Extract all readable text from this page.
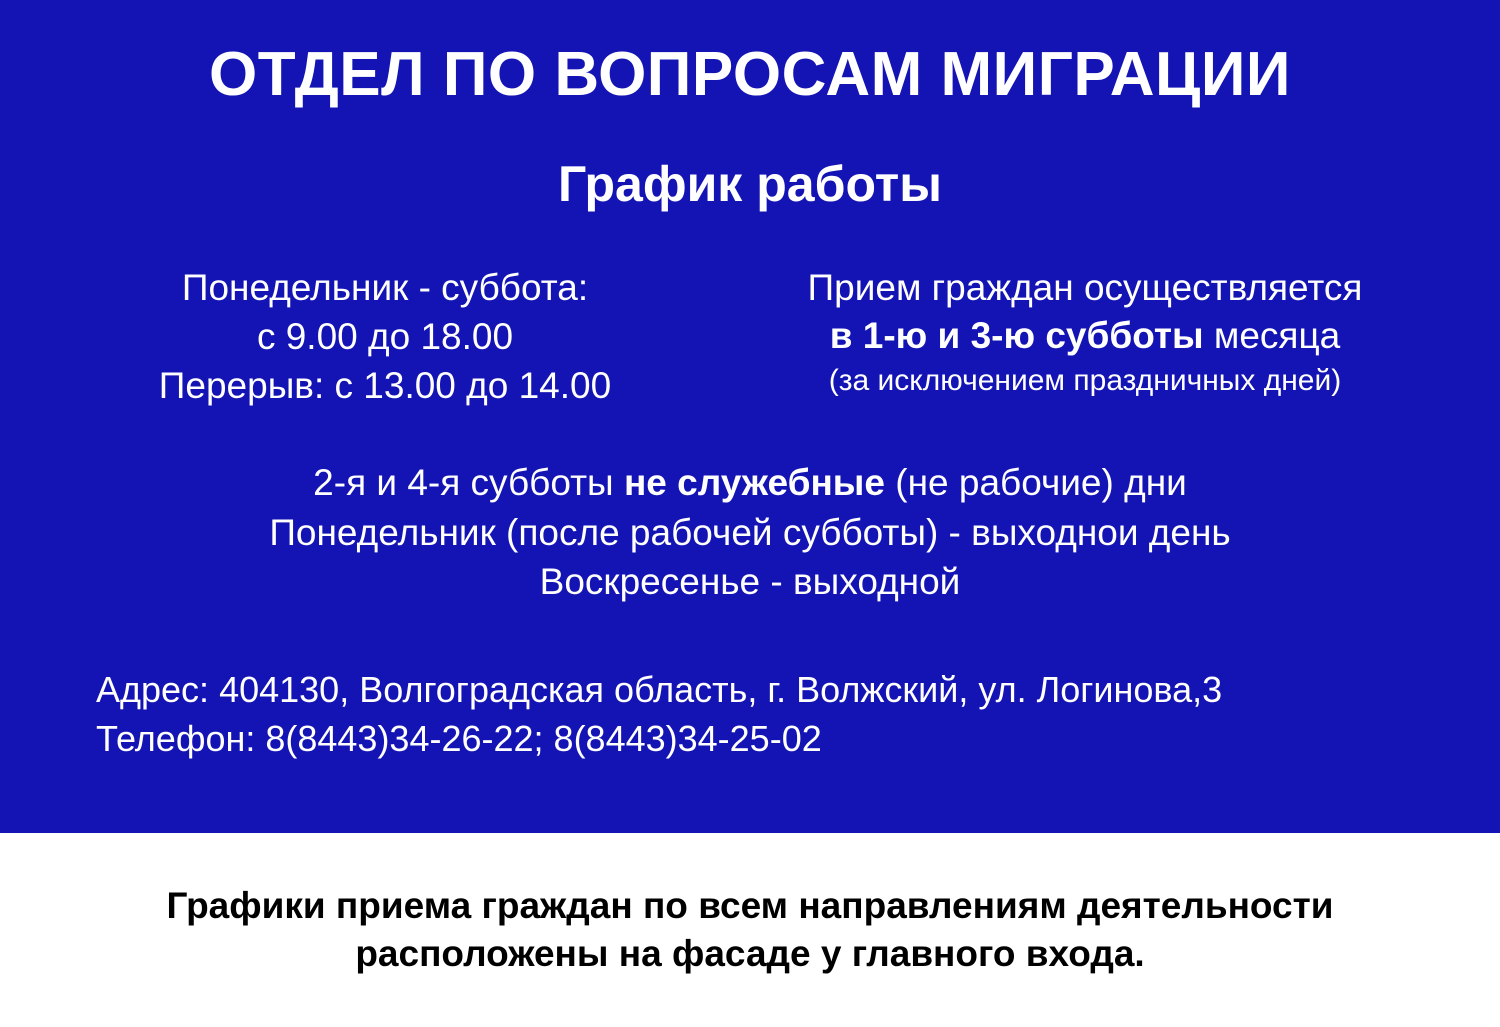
ОТДЕЛ ПО ВОПРОСАМ МИГРАЦИИ
График работы
Понедельник - суббота:
с 9.00 до 18.00
Перерыв: с 13.00 до 14.00
Прием граждан осуществляется
в 1-ю и 3-ю субботы месяца
(за исключением праздничных дней)
2-я и 4-я субботы не служебные (не рабочие) дни
Понедельник (после рабочей субботы) - выходнои день
Воскресенье - выходной
Адрес: 404130, Волгоградская область, г. Волжский, ул. Логинова,3
Телефон: 8(8443)34-26-22; 8(8443)34-25-02

Графики приема граждан по всем направлениям деятельности
расположены на фасаде у главного входа.
